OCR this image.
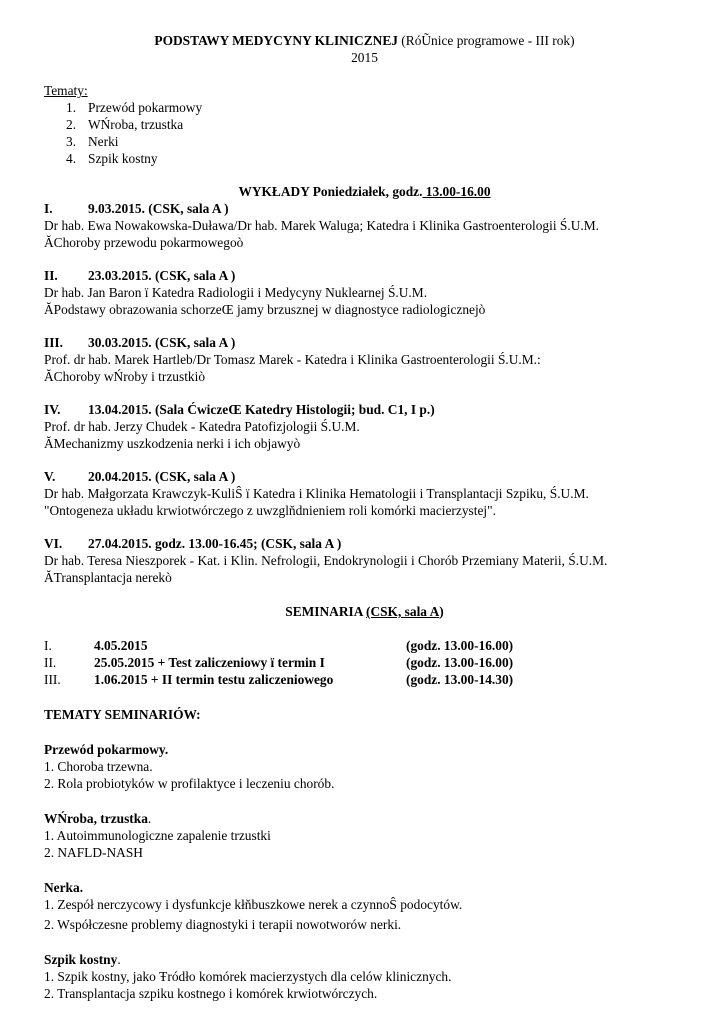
PODSTAWY MEDYCYNY KLINICZNEJ (RóŨnice programowe - III rok)

2015

Tematy:

1. Przewód pokarmowy
2. WŃroba, trzustka
3. Nerki
4. Szpik kostny

WYKŁADY Poniedziałek, godz. 13.00-16.00

I.	9.03.2015. (CSK, sala A )

Dr hab. Ewa Nowakowska-Duława/Dr hab. Marek Waluga; Katedra i Klinika Gastroenterologii Ś.U.M.

ĂChoroby przewodu pokarmowegoò

II. 23.03.2015. (CSK, sala A )

Dr hab. Jan Baron ï Katedra Radiologii i Medycyny Nuklearnej Ś.U.M.

ĂPodstawy obrazowania schorzeŒ jamy brzusznej w diagnostyce radiologicznejò

III. 30.03.2015. (CSK, sala A )

Prof. dr hab. Marek Hartleb/Dr Tomasz Marek - Katedra i Klinika Gastroenterologii Ś.U.M.:

ĂChoroby wŃroby i trzustkiò

IV. 13.04.2015. (Sala ĆwiczeŒ Katedry Histologii; bud. C1, I p.)

Prof. dr hab. Jerzy Chudek - Katedra Patofizjologii Ś.U.M.

ĂMechanizmy uszkodzenia nerki i ich objawyò

V. 20.04.2015. (CSK, sala A )

Dr hab. Małgorzata Krawczyk-KuliŜ ï Katedra i Klinika Hematologii i Transplantacji Szpiku, Ś.U.M.

"Ontogeneza układu krwiotwórczego z uwzglňdnieniem roli komórki macierzystej".

VI. 27.04.2015. godz. 13.00-16.45; (CSK, sala A )

Dr hab. Teresa Nieszporek - Kat. i Klin. Nefrologii, Endokrynologii i Chorób Przemiany Materii, Ś.U.M.

ĂTransplantacja nerekò

SEMINARIA (CSK, sala A)

I.	4.05.2015	(godz. 13.00-16.00)
II.	25.05.2015 + Test zaliczeniowy ï termin I	(godz. 13.00-16.00)
III.	1.06.2015 + II termin testu zaliczeniowego	(godz. 13.00-14.30)

TEMATY SEMINARIÓW:

Przewód pokarmowy.

1. Choroba trzewna.

2. Rola probiotyków w profilaktyce i leczeniu chorób.

WŃroba, trzustka.

1. Autoimmunologiczne zapalenie trzustki

2. NAFLD-NASH

Nerka.

1. Zespół nerczycowy i dysfunkcje kłňbuszkowe nerek a czynnoŜ podocytów.

2. Współczesne problemy diagnostyki i terapii nowotworów nerki.

Szpik kostny.

1. Szpik kostny, jako Ŧródło komórek macierzystych dla celów klinicznych.

2. Transplantacja szpiku kostnego i komórek krwiotwórczych.
